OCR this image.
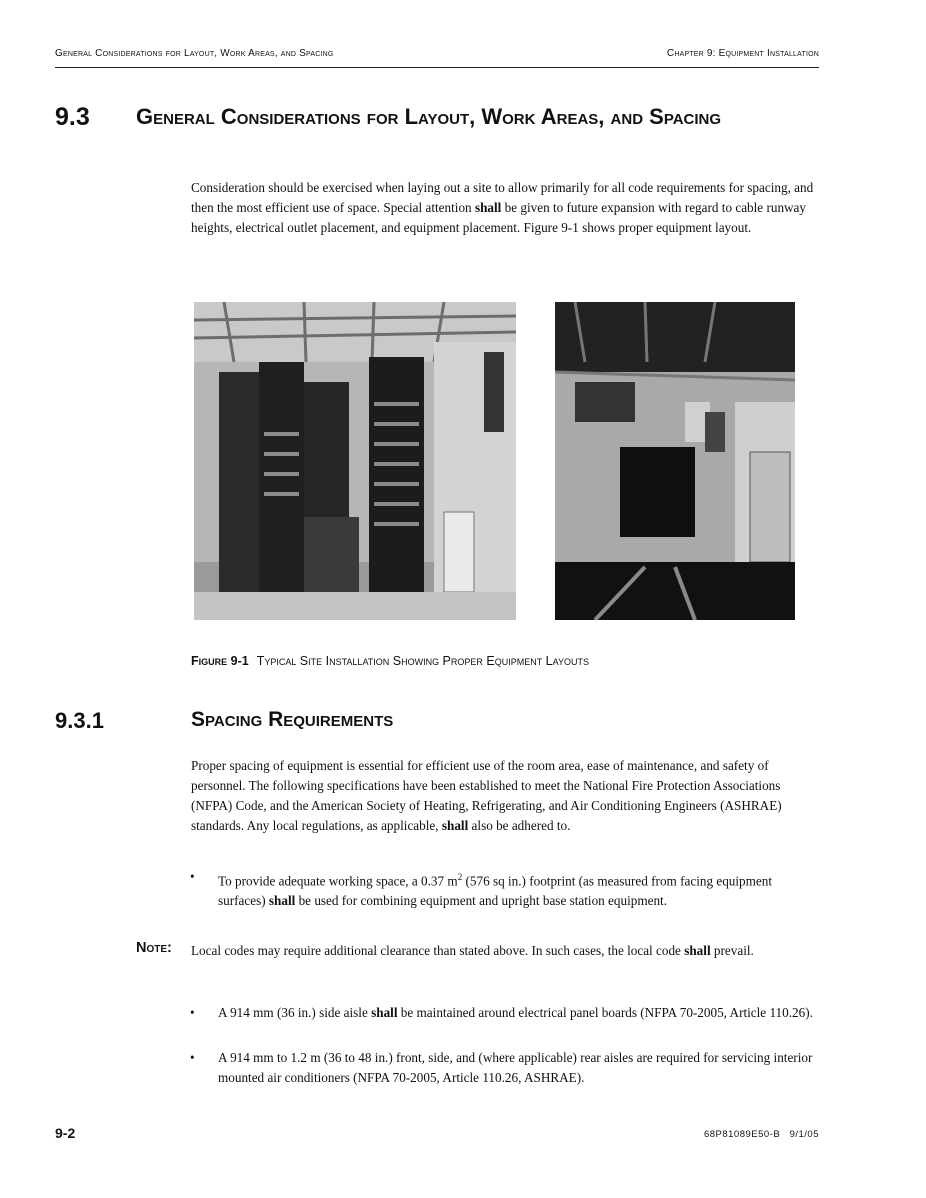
General Considerations for Layout, Work Areas, and Spacing	Chapter 9: Equipment Installation
9.3 General Considerations for Layout, Work Areas, and Spacing
Consideration should be exercised when laying out a site to allow primarily for all code requirements for spacing, and then the most efficient use of space. Special attention shall be given to future expansion with regard to cable runway heights, electrical outlet placement, and equipment placement. Figure 9-1 shows proper equipment layout.
Figure 9-1 Typical Site Installation Showing Proper Equipment Layouts
9.3.1	Spacing Requirements
Proper spacing of equipment is essential for efficient use of the room area, ease of maintenance, and safety of personnel. The following specifications have been established to meet the National Fire Protection Associations (NFPA) Code, and the American Society of Heating, Refrigerating, and Air Conditioning Engineers (ASHRAE) standards. Any local regulations, as applicable, shall also be adhered to.
• To provide adequate working space, a 0.37 $m^2$ (576 sq in.) footprint (as measured from facing equipment surfaces) shall be used for combining equipment and upright base station equipment.
Note: Local codes may require additional clearance than stated above. In such cases, the local code shall prevail.
• A 914 mm (36 in.) side aisle shall be maintained around electrical panel boards (NFPA 70-2005, Article 110.26).
• A 914 mm to 1.2 m (36 to 48 in.) front, side, and (where applicable) rear aisles are required for servicing interior mounted air conditioners (NFPA 70-2005, Article 110.26, ASHRAE).
9-2	68P81089E50-B   9/1/05
